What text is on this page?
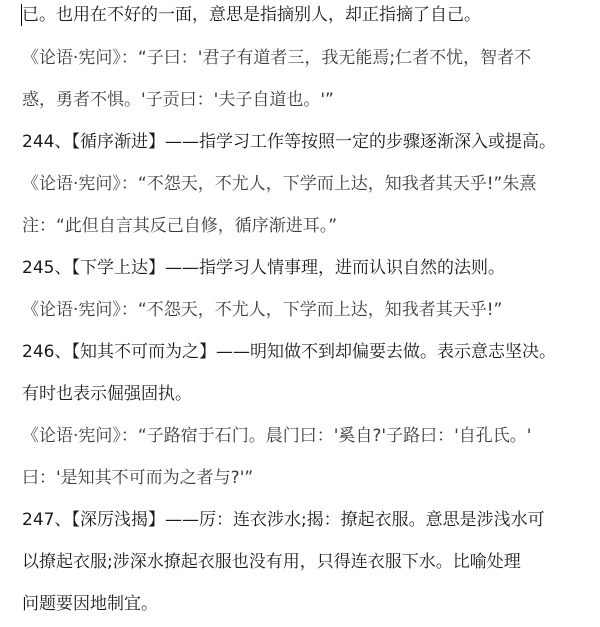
已。也用在不好的一面，意思是指摘别人，却正指摘了自己。
《论语·宪问》：“子曰：'君子有道者三，我无能焉;仁者不忧，智者不
惑，勇者不惧。'子贡曰：'夫子自道也。'”
244、【循序渐进】——指学习工作等按照一定的步骤逐渐深入或提高。
《论语·宪问》：“不怨天，不尤人，下学而上达，知我者其天乎!”朱熹
注：“此但自言其反己自修，循序渐进耳。”
245、【下学上达】——指学习人情事理，进而认识自然的法则。
《论语·宪问》：“不怨天，不尤人，下学而上达，知我者其天乎!”
246、【知其不可而为之】——明知做不到却偏要去做。表示意志坚决。
有时也表示倔强固执。
《论语·宪问》：“子路宿于石门。晨门曰：'奚自?'子路曰：'自孔氏。'
曰：'是知其不可而为之者与?'”
247、【深厉浅揭】——厉：连衣涉水;揭：撩起衣服。意思是涉浅水可
以撩起衣服;涉深水撩起衣服也没有用，只得连衣服下水。比喻处理
问题要因地制宜。
